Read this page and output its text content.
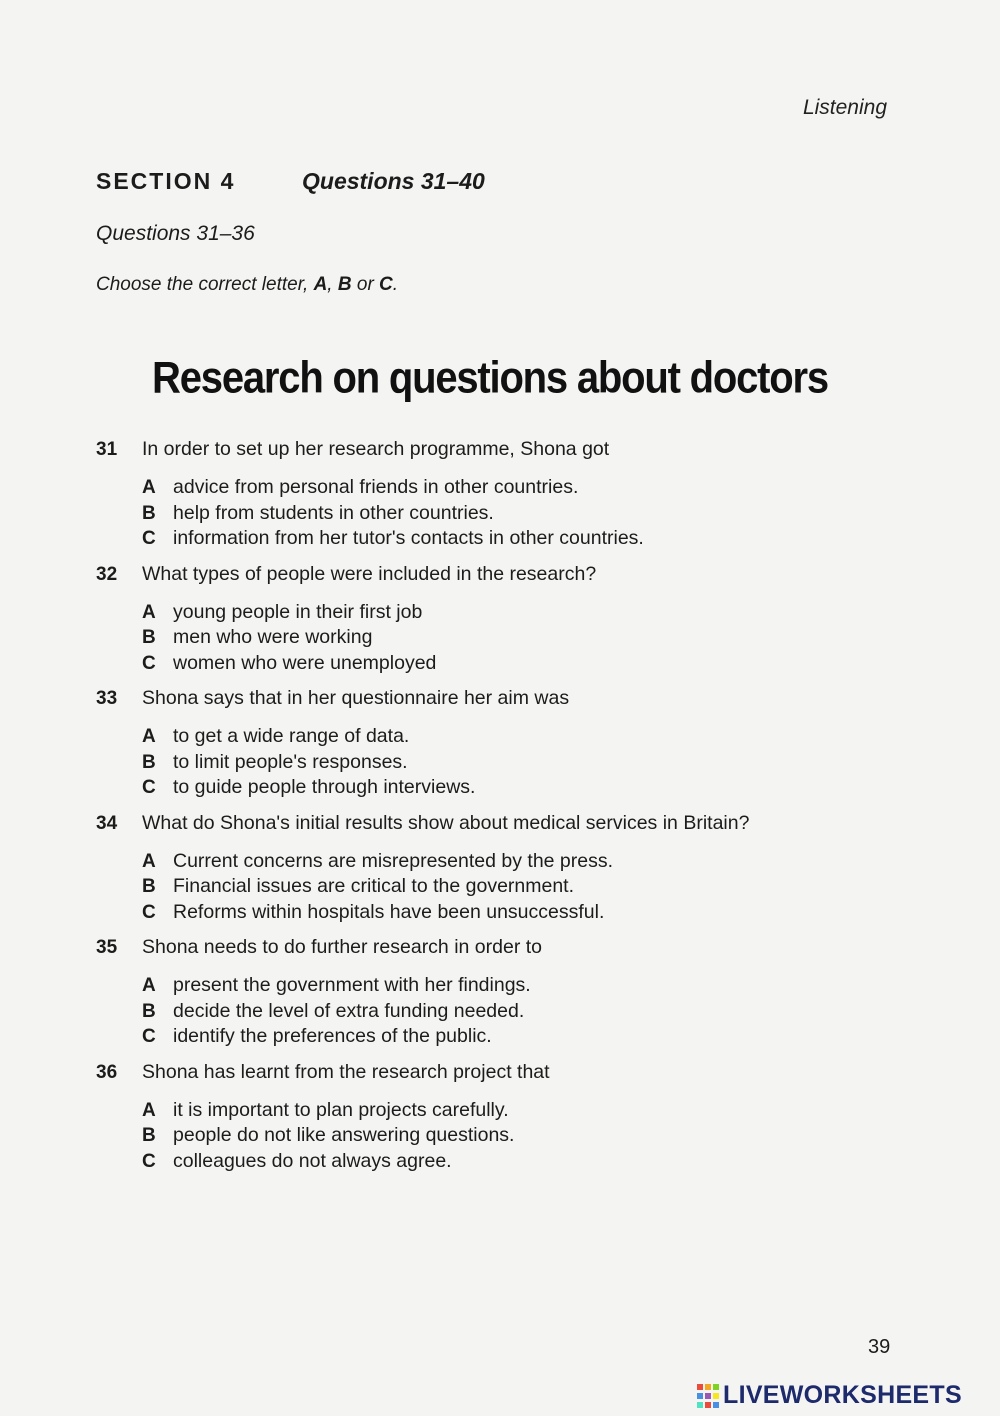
Listening
SECTION 4	Questions 31–40
Questions 31–36
Choose the correct letter, A, B or C.
Research on questions about doctors
31	In order to set up her research programme, Shona got
A advice from personal friends in other countries.
B help from students in other countries.
C information from her tutor's contacts in other countries.
32	What types of people were included in the research?
A young people in their first job
B men who were working
C women who were unemployed
33	Shona says that in her questionnaire her aim was
A to get a wide range of data.
B to limit people's responses.
C to guide people through interviews.
34	What do Shona's initial results show about medical services in Britain?
A Current concerns are misrepresented by the press.
B Financial issues are critical to the government.
C Reforms within hospitals have been unsuccessful.
35	Shona needs to do further research in order to
A present the government with her findings.
B decide the level of extra funding needed.
C identify the preferences of the public.
36	Shona has learnt from the research project that
A it is important to plan projects carefully.
B people do not like answering questions.
C colleagues do not always agree.
39
LIVEWORKSHEETS
